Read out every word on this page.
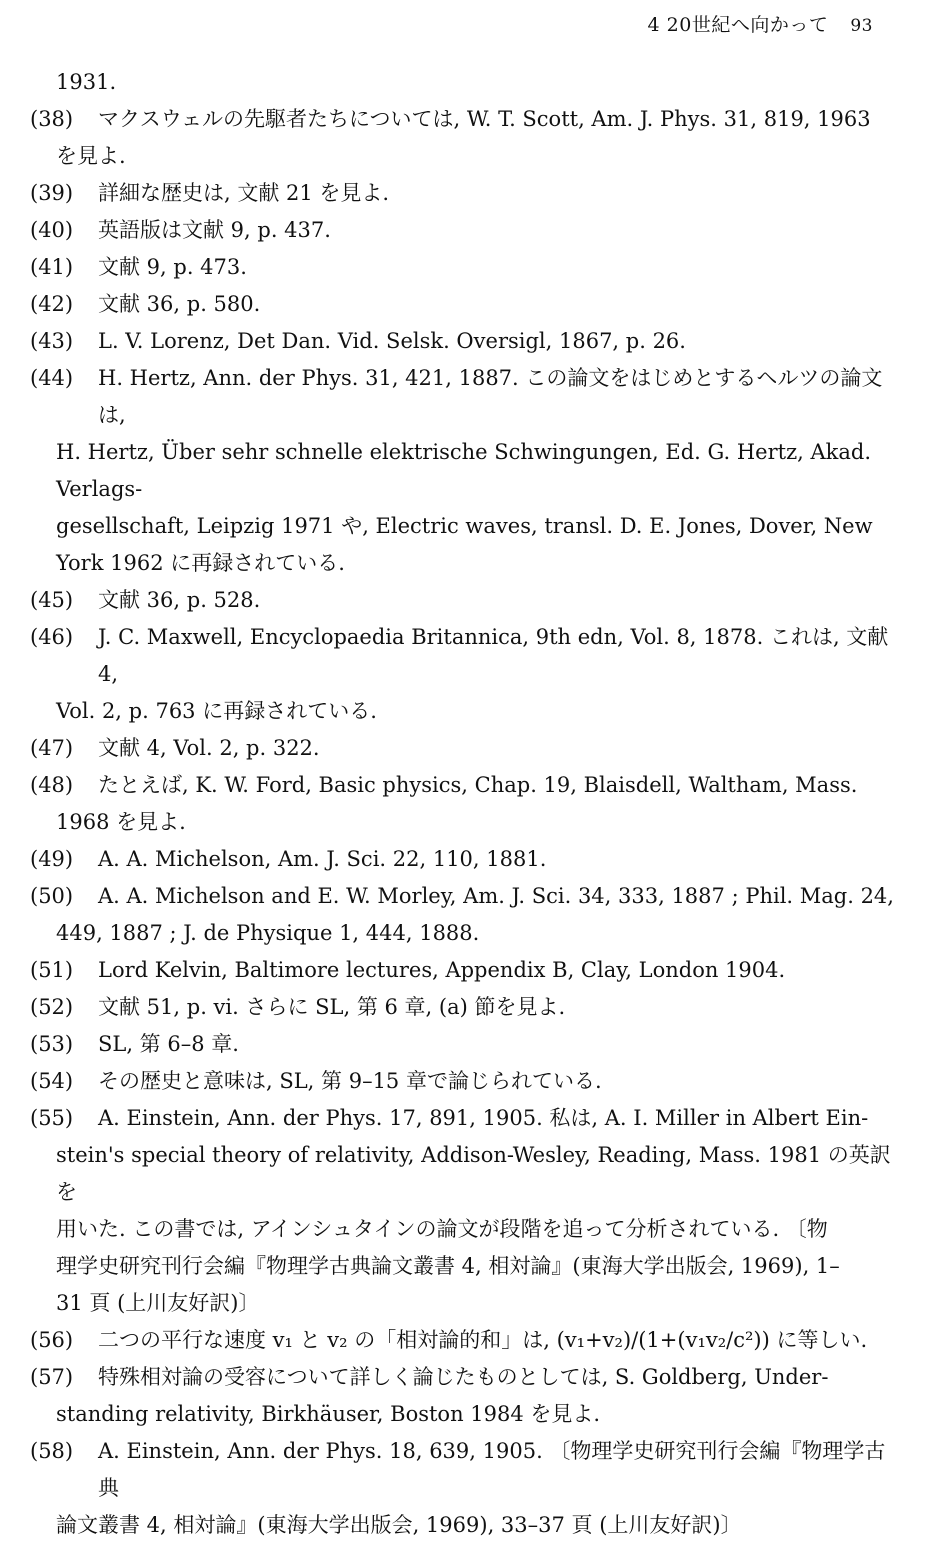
4 20世紀へ向かって 93
1931.
(38)	マクスウェルの先駆者たちについては, W. T. Scott, Am. J. Phys. 31, 819, 1963
を見よ.
(39)	詳細な歴史は, 文献 21 を見よ.
(40)	英語版は文献 9, p. 437.
(41)	文献 9, p. 473.
(42)	文献 36, p. 580.
(43)	L. V. Lorenz, Det Dan. Vid. Selsk. Oversigl, 1867, p. 26.
(44)	H. Hertz, Ann. der Phys. 31, 421, 1887. この論文をはじめとするヘルツの論文は,
H. Hertz, Über sehr schnelle elektrische Schwingungen, Ed. G. Hertz, Akad. Verlags-
gesellschaft, Leipzig 1971 や, Electric waves, transl. D. E. Jones, Dover, New
York 1962 に再録されている.
(45)	文献 36, p. 528.
(46)	J. C. Maxwell, Encyclopaedia Britannica, 9th edn, Vol. 8, 1878. これは, 文献 4,
Vol. 2, p. 763 に再録されている.
(47)	文献 4, Vol. 2, p. 322.
(48)	たとえば, K. W. Ford, Basic physics, Chap. 19, Blaisdell, Waltham, Mass.
1968 を見よ.
(49)	A. A. Michelson, Am. J. Sci. 22, 110, 1881.
(50)	A. A. Michelson and E. W. Morley, Am. J. Sci. 34, 333, 1887 ; Phil. Mag. 24,
449, 1887 ; J. de Physique 1, 444, 1888.
(51)	Lord Kelvin, Baltimore lectures, Appendix B, Clay, London 1904.
(52)	文献 51, p. vi. さらに SL, 第 6 章, (a) 節を見よ.
(53)	SL, 第 6–8 章.
(54)	その歴史と意味は, SL, 第 9–15 章で論じられている.
(55)	A. Einstein, Ann. der Phys. 17, 891, 1905. 私は, A. I. Miller in Albert Ein-
stein's special theory of relativity, Addison-Wesley, Reading, Mass. 1981 の英訳を
用いた. この書では, アインシュタインの論文が段階を追って分析されている. 〔物
理学史研究刊行会編『物理学古典論文叢書 4, 相対論』(東海大学出版会, 1969), 1–
31 頁 (上川友好訳)〕
(56)	二つの平行な速度 v₁ と v₂ の「相対論的和」は, (v₁+v₂)/(1+(v₁v₂/c²)) に等しい.
(57)	特殊相対論の受容について詳しく論じたものとしては, S. Goldberg, Under-
standing relativity, Birkhäuser, Boston 1984 を見よ.
(58)	A. Einstein, Ann. der Phys. 18, 639, 1905. 〔物理学史研究刊行会編『物理学古典
論文叢書 4, 相対論』(東海大学出版会, 1969), 33–37 頁 (上川友好訳)〕
